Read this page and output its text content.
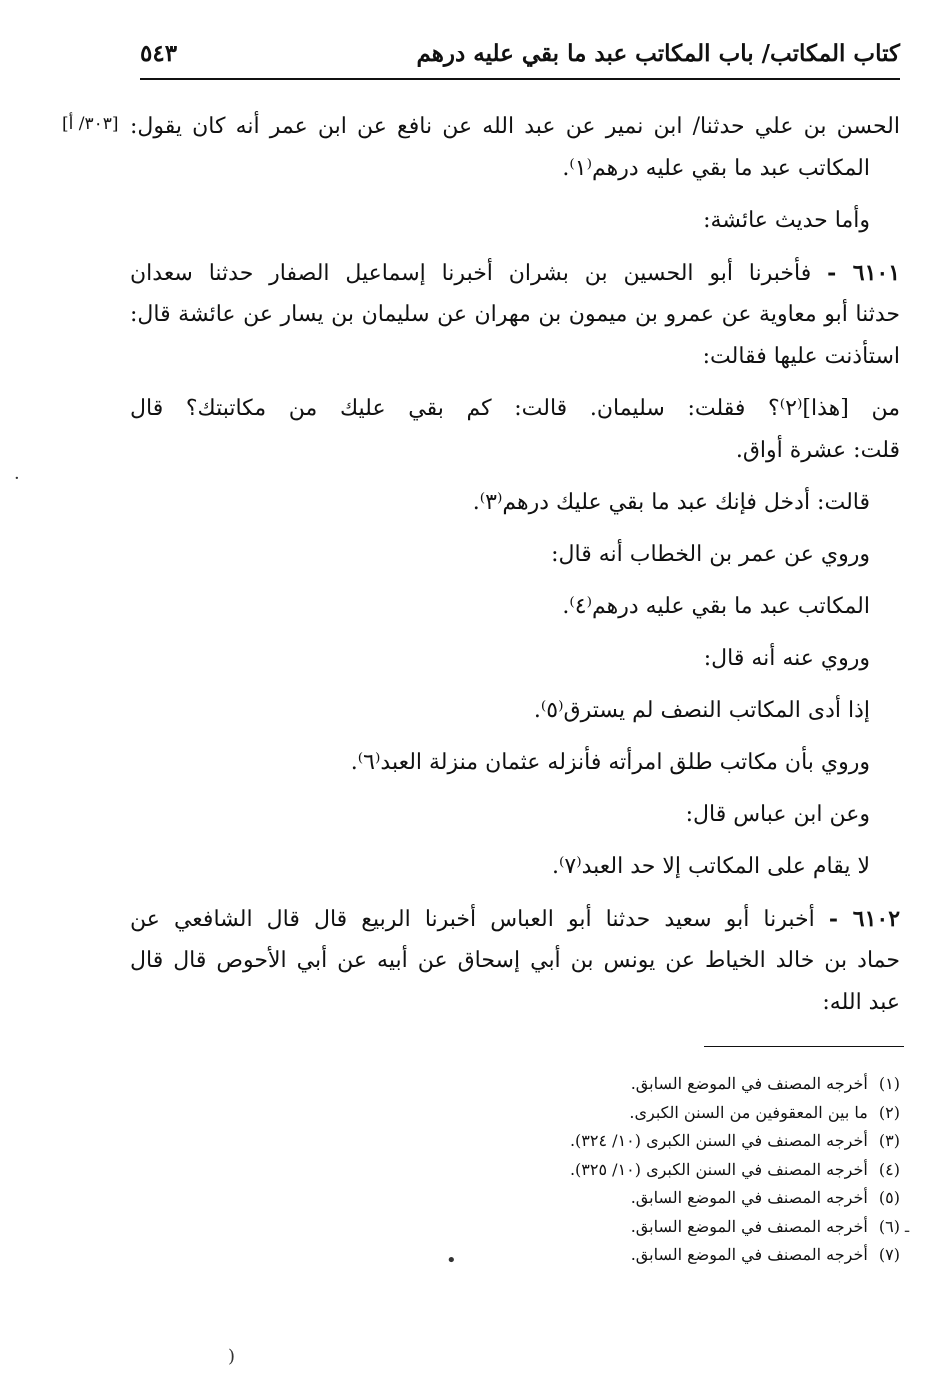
كتاب المكاتب/ باب المكاتب عبد ما بقي عليه درهم
٥٤٣
[٣٠٣/ أ] الحسن بن علي حدثنا/ ابن نمير عن عبد الله عن نافع عن ابن عمر أنه كان يقول:
المكاتب عبد ما بقي عليه درهم⁽١⁾.
وأما حديث عائشة:
٦١٠١ - فأخبرنا أبو الحسين بن بشران أخبرنا إسماعيل الصفار حدثنا سعدان
حدثنا أبو معاوية عن عمرو بن ميمون بن مهران عن سليمان بن يسار عن عائشة قال:
استأذنت عليها فقالت:
من [هذا]⁽٢⁾؟ فقلت: سليمان. قالت: كم بقي عليك من مكاتبتك؟ قال
قلت: عشرة أواق.
قالت: أدخل فإنك عبد ما بقي عليك درهم⁽٣⁾.
وروي عن عمر بن الخطاب أنه قال:
المكاتب عبد ما بقي عليه درهم⁽٤⁾.
وروي عنه أنه قال:
إذا أدى المكاتب النصف لم يسترق⁽٥⁾.
وروي بأن مكاتب طلق امرأته فأنزله عثمان منزلة العبد⁽٦⁾.
وعن ابن عباس قال:
لا يقام على المكاتب إلا حد العبد⁽٧⁾.
٦١٠٢ - أخبرنا أبو سعيد حدثنا أبو العباس أخبرنا الربيع قال قال الشافعي عن
حماد بن خالد الخياط عن يونس بن أبي إسحاق عن أبيه عن أبي الأحوص قال قال
عبد الله:
(١) أخرجه المصنف في الموضع السابق.
(٢) ما بين المعقوفين من السنن الكبرى.
(٣) أخرجه المصنف في السنن الكبرى (١٠/ ٣٢٤).
(٤) أخرجه المصنف في السنن الكبرى (١٠/ ٣٢٥).
(٥) أخرجه المصنف في الموضع السابق.
(٦) أخرجه المصنف في الموضع السابق.
(٧) أخرجه المصنف في الموضع السابق.
·
-
•
)
